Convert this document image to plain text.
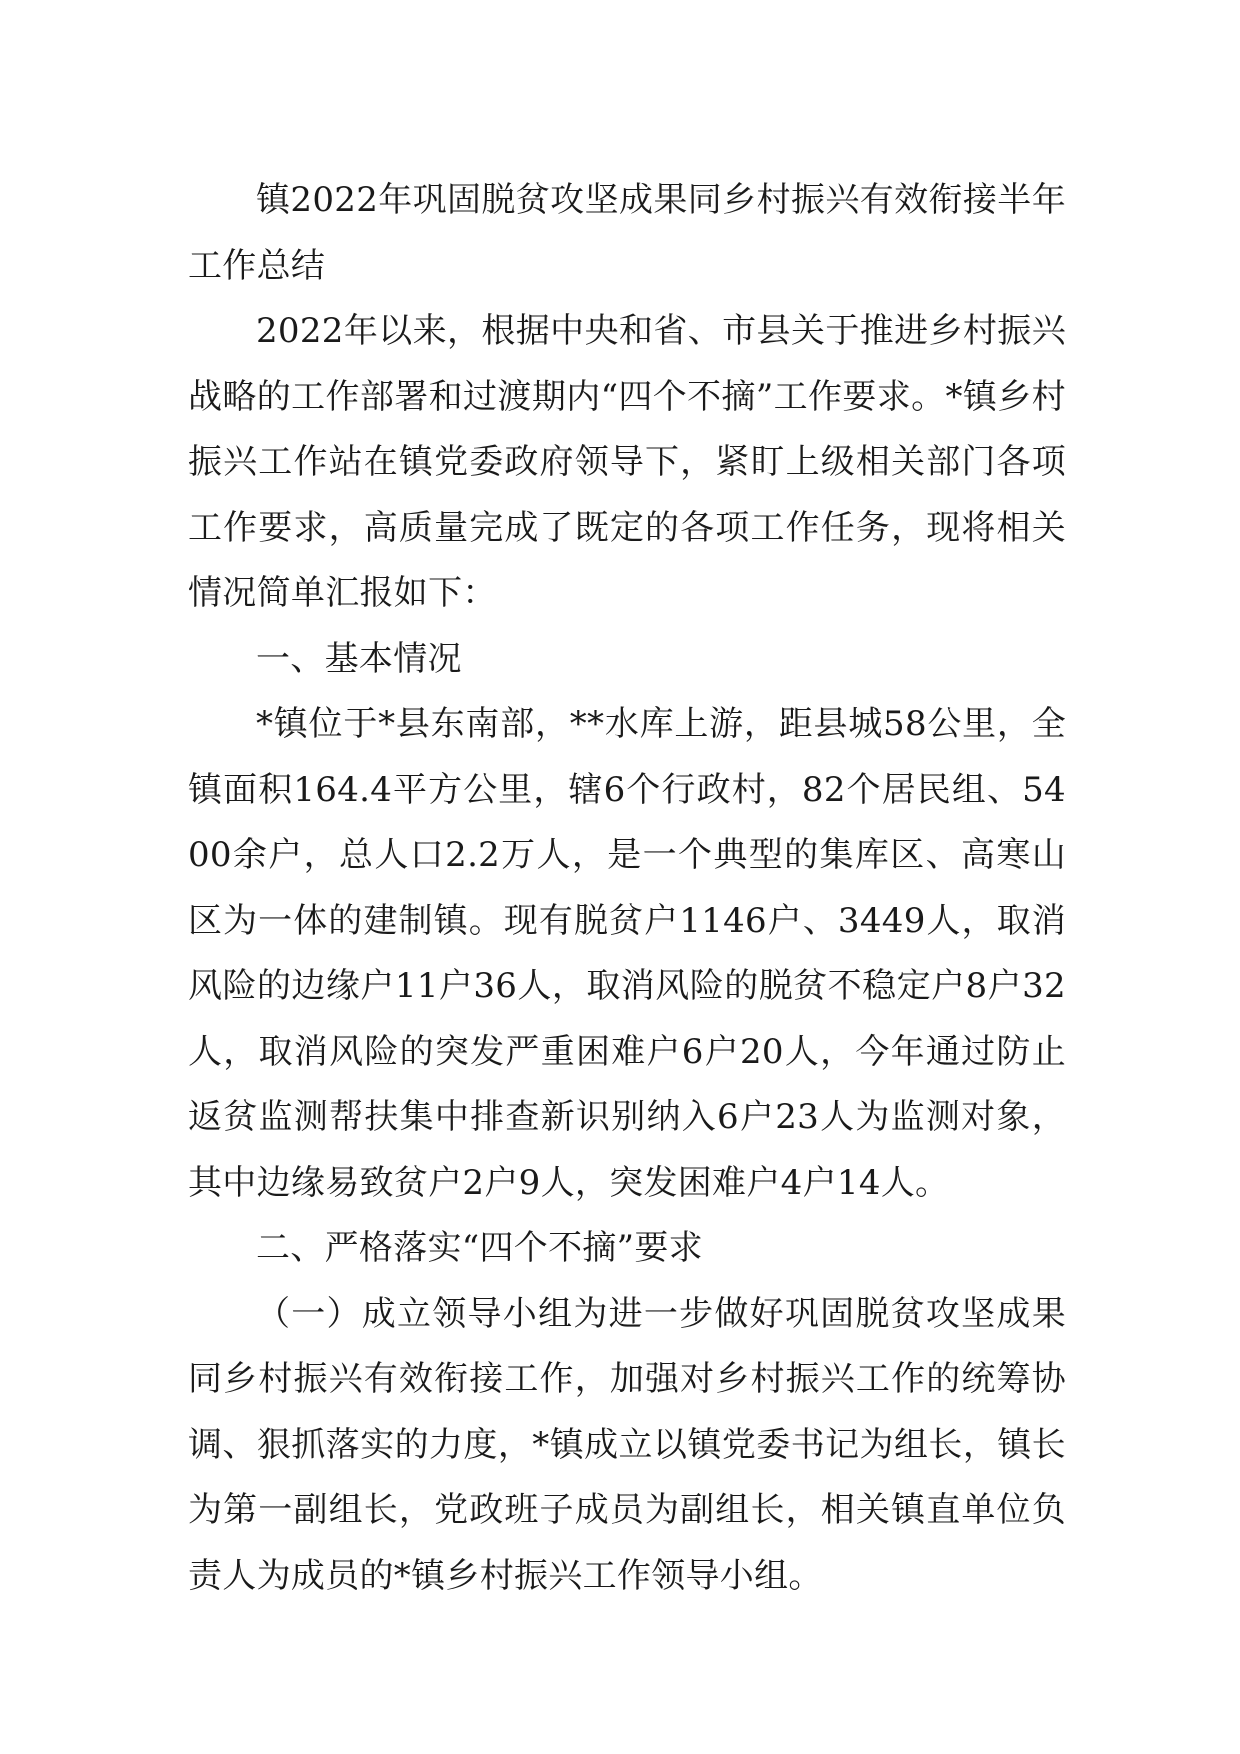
镇2022年巩固脱贫攻坚成果同乡村振兴有效衔接半年工作总结

2022年以来，根据中央和省、市县关于推进乡村振兴战略的工作部署和过渡期内“四个不摘”工作要求。*镇乡村振兴工作站在镇党委政府领导下，紧盯上级相关部门各项工作要求，高质量完成了既定的各项工作任务，现将相关情况简单汇报如下：

一、基本情况

*镇位于*县东南部，**水库上游，距县城58公里，全镇面积164.4平方公里，辖6个行政村，82个居民组、5400余户，总人口2.2万人，是一个典型的集库区、高寒山区为一体的建制镇。现有脱贫户1146户、3449人，取消风险的边缘户11户36人，取消风险的脱贫不稳定户8户32人，取消风险的突发严重困难户6户20人，今年通过防止返贫监测帮扶集中排查新识别纳入6户23人为监测对象，其中边缘易致贫户2户9人，突发困难户4户14人。

二、严格落实“四个不摘”要求

（一）成立领导小组为进一步做好巩固脱贫攻坚成果同乡村振兴有效衔接工作，加强对乡村振兴工作的统筹协调、狠抓落实的力度，*镇成立以镇党委书记为组长，镇长为第一副组长，党政班子成员为副组长，相关镇直单位负责人为成员的*镇乡村振兴工作领导小组。
